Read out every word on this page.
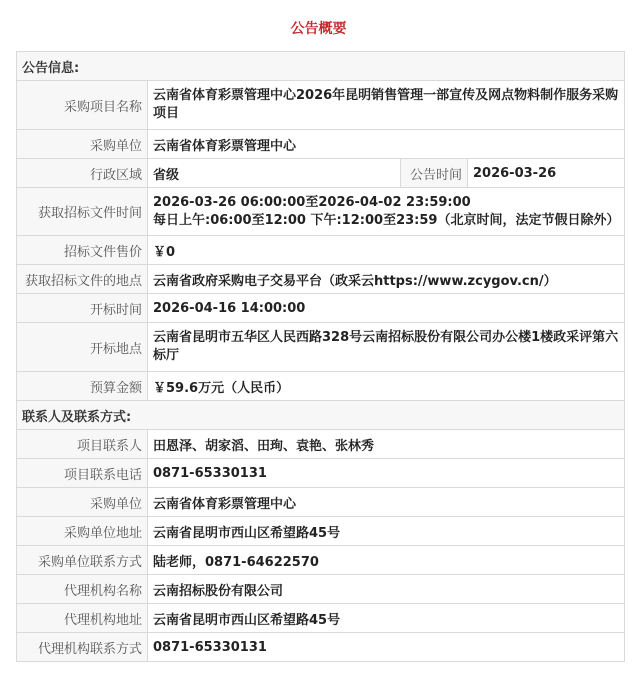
公告概要
公告信息:			
采购项目名称	云南省体育彩票管理中心2026年昆明销售管理一部宣传及网点物料制作服务采购项目		
采购单位	云南省体育彩票管理中心		
行政区域	省级	公告时间	2026-03-26
获取招标文件时间	2026-03-26 06:00:00至2026-04-02 23:59:00
每日上午:06:00至12:00 下午:12:00至23:59（北京时间，法定节假日除外）		

招标文件售价	￥0		
获取招标文件的地点	云南省政府采购电子交易平台（政采云https://www.zcygov.cn/）		
开标时间	2026-04-16 14:00:00		
开标地点	云南省昆明市五华区人民西路328号云南招标股份有限公司办公楼1楼政采评第六标厅		
预算金额	￥59.6万元（人民币）		
联系人及联系方式:			
项目联系人	田恩泽、胡家滔、田珣、袁艳、张林秀		
项目联系电话	0871-65330131		
采购单位	云南省体育彩票管理中心		
采购单位地址	云南省昆明市西山区希望路45号		
采购单位联系方式	陆老师，0871-64622570		
代理机构名称	云南招标股份有限公司		
代理机构地址	云南省昆明市西山区希望路45号		
代理机构联系方式	0871-65330131		
